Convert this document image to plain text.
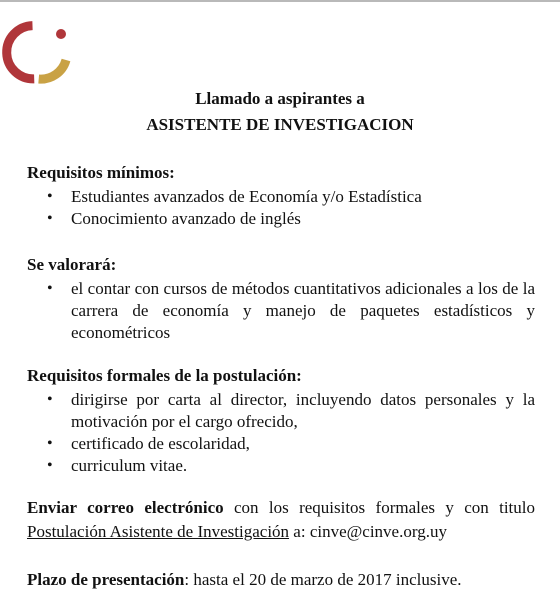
Llamado a aspirantes a
ASISTENTE DE INVESTIGACION
Requisitos mínimos:
• Estudiantes avanzados de Economía y/o Estadística
• Conocimiento avanzado de inglés
Se valorará:
• el contar con cursos de métodos cuantitativos adicionales a los de la carrera de economía y manejo de paquetes estadísticos y econométricos
Requisitos formales de la postulación:
• dirigirse por carta al director, incluyendo datos personales y la motivación por el cargo ofrecido,
• certificado de escolaridad,
• curriculum vitae.
Enviar correo electrónico con los requisitos formales y con titulo Postulación Asistente de Investigación a: cinve@cinve.org.uy
Plazo de presentación: hasta el 20 de marzo de 2017 inclusive.
